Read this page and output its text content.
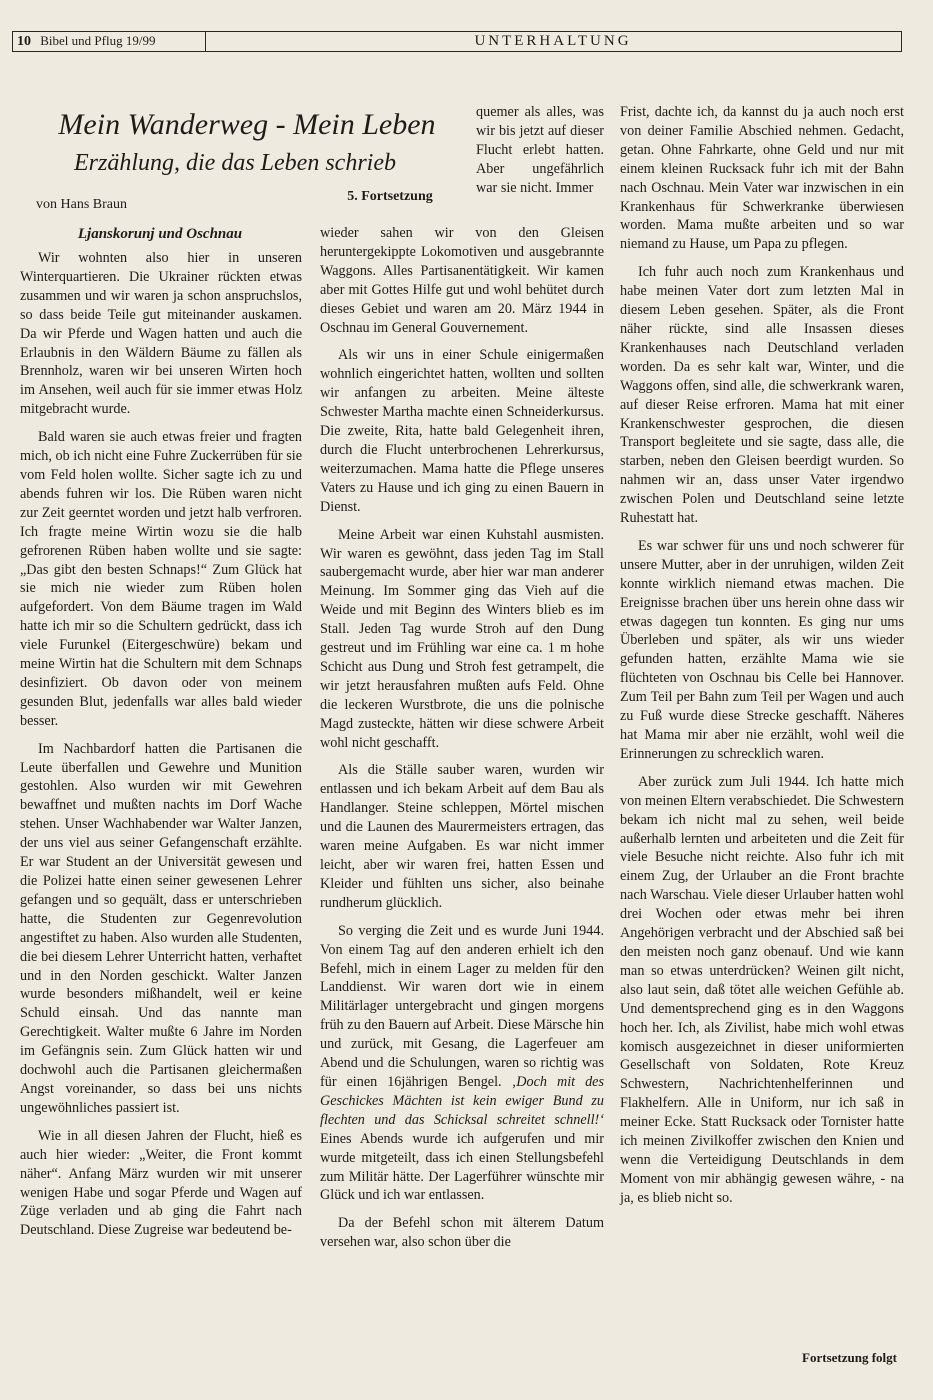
10 Bibel und Pflug 19/99	UNTERHALTUNG
Mein Wanderweg - Mein Leben
Erzählung, die das Leben schrieb
von Hans Braun
5. Fortsetzung
Ljanskorunj und Oschnau

Wir wohnten also hier in unseren Winterquartieren. Die Ukrainer rückten etwas zusammen und wir waren ja schon anspruchslos, so dass beide Teile gut miteinander auskamen. Da wir Pferde und Wagen hatten und auch die Erlaubnis in den Wäldern Bäume zu fällen als Brennholz, waren wir bei unseren Wirten hoch im Ansehen, weil auch für sie immer etwas Holz mitgebracht wurde.

Bald waren sie auch etwas freier und fragten mich, ob ich nicht eine Fuhre Zuckerrüben für sie vom Feld holen wollte. Sicher sagte ich zu und abends fuhren wir los. Die Rüben waren nicht zur Zeit geerntet worden und jetzt halb verfroren. Ich fragte meine Wirtin wozu sie die halb gefrorenen Rüben haben wollte und sie sagte: „Das gibt den besten Schnaps!“ Zum Glück hat sie mich nie wieder zum Rüben holen aufgefordert. Von dem Bäume tragen im Wald hatte ich mir so die Schultern gedrückt, dass ich viele Furunkel (Eitergeschwüre) bekam und meine Wirtin hat die Schultern mit dem Schnaps desinfiziert. Ob davon oder von meinem gesunden Blut, jedenfalls war alles bald wieder besser.

Im Nachbardorf hatten die Partisanen die Leute überfallen und Gewehre und Munition gestohlen. Also wurden wir mit Gewehren bewaffnet und mußten nachts im Dorf Wache stehen. Unser Wachhabender war Walter Janzen, der uns viel aus seiner Gefangenschaft erzählte. Er war Student an der Universität gewesen und die Polizei hatte einen seiner gewesenen Lehrer gefangen und so gequält, dass er unterschrieben hatte, die Studenten zur Gegenrevolution angestiftet zu haben. Also wurden alle Studenten, die bei diesem Lehrer Unterricht hatten, verhaftet und in den Norden geschickt. Walter Janzen wurde besonders mißhandelt, weil er keine Schuld einsah. Und das nannte man Gerechtigkeit. Walter mußte 6 Jahre im Norden im Gefängnis sein. Zum Glück hatten wir und dochwohl auch die Partisanen gleichermaßen Angst voreinander, so dass bei uns nichts ungewöhnliches passiert ist.

Wie in all diesen Jahren der Flucht, hieß es auch hier wieder: „Weiter, die Front kommt näher“. Anfang März wurden wir mit unserer wenigen Habe und sogar Pferde und Wagen auf Züge verladen und ab ging die Fahrt nach Deutschland. Diese Zugreise war bedeutend be-

quemer als alles, was wir bis jetzt auf dieser Flucht erlebt hatten. Aber ungefährlich war sie nicht. Immer

wieder sahen wir von den Gleisen heruntergekippte Lokomotiven und ausgebrannte Waggons. Alles Partisanentätigkeit. Wir kamen aber mit Gottes Hilfe gut und wohl behütet durch dieses Gebiet und waren am 20. März 1944 in Oschnau im General Gouvernement.

Als wir uns in einer Schule einigermaßen wohnlich eingerichtet hatten, wollten und sollten wir anfangen zu arbeiten. Meine älteste Schwester Martha machte einen Schneiderkursus. Die zweite, Rita, hatte bald Gelegenheit ihren, durch die Flucht unterbrochenen Lehrerkursus, weiterzumachen. Mama hatte die Pflege unseres Vaters zu Hause und ich ging zu einen Bauern in Dienst.

Meine Arbeit war einen Kuhstahl ausmisten. Wir waren es gewöhnt, dass jeden Tag im Stall saubergemacht wurde, aber hier war man anderer Meinung. Im Sommer ging das Vieh auf die Weide und mit Beginn des Winters blieb es im Stall. Jeden Tag wurde Stroh auf den Dung gestreut und im Frühling war eine ca. 1 m hohe Schicht aus Dung und Stroh fest getrampelt, die wir jetzt herausfahren mußten aufs Feld. Ohne die leckeren Wurstbrote, die uns die polnische Magd zusteckte, hätten wir diese schwere Arbeit wohl nicht geschafft.

Als die Ställe sauber waren, wurden wir entlassen und ich bekam Arbeit auf dem Bau als Handlanger. Steine schleppen, Mörtel mischen und die Launen des Maurermeisters ertragen, das waren meine Aufgaben. Es war nicht immer leicht, aber wir waren frei, hatten Essen und Kleider und fühlten uns sicher, also beinahe rundherum glücklich.

So verging die Zeit und es wurde Juni 1944. Von einem Tag auf den anderen erhielt ich den Befehl, mich in einem Lager zu melden für den Landdienst. Wir waren dort wie in einem Militärlager untergebracht und gingen morgens früh zu den Bauern auf Arbeit. Diese Märsche hin und zurück, mit Gesang, die Lagerfeuer am Abend und die Schulungen, waren so richtig was für einen 16jährigen Bengel. ‚Doch mit des Geschickes Mächten ist kein ewiger Bund zu flechten und das Schicksal schreitet schnell!‘ Eines Abends wurde ich aufgerufen und mir wurde mitgeteilt, dass ich einen Stellungsbefehl zum Militär hätte. Der Lagerführer wünschte mir Glück und ich war entlassen.

Da der Befehl schon mit älterem Datum versehen war, also schon über die

Frist, dachte ich, da kannst du ja auch noch erst von deiner Familie Abschied nehmen. Gedacht, getan. Ohne Fahrkarte, ohne Geld und nur mit einem kleinen Rucksack fuhr ich mit der Bahn nach Oschnau. Mein Vater war inzwischen in ein Krankenhaus für Schwerkranke überwiesen worden. Mama mußte arbeiten und so war niemand zu Hause, um Papa zu pflegen.

Ich fuhr auch noch zum Krankenhaus und habe meinen Vater dort zum letzten Mal in diesem Leben gesehen. Später, als die Front näher rückte, sind alle Insassen dieses Krankenhauses nach Deutschland verladen worden. Da es sehr kalt war, Winter, und die Waggons offen, sind alle, die schwerkrank waren, auf dieser Reise erfroren. Mama hat mit einer Krankenschwester gesprochen, die diesen Transport begleitete und sie sagte, dass alle, die starben, neben den Gleisen beerdigt wurden. So nahmen wir an, dass unser Vater irgendwo zwischen Polen und Deutschland seine letzte Ruhestatt hat.

Es war schwer für uns und noch schwerer für unsere Mutter, aber in der unruhigen, wilden Zeit konnte wirklich niemand etwas machen. Die Ereignisse brachen über uns herein ohne dass wir etwas dagegen tun konnten. Es ging nur ums Überleben und später, als wir uns wieder gefunden hatten, erzählte Mama wie sie flüchteten von Oschnau bis Celle bei Hannover. Zum Teil per Bahn zum Teil per Wagen und auch zu Fuß wurde diese Strecke geschafft. Näheres hat Mama mir aber nie erzählt, wohl weil die Erinnerungen zu schrecklich waren.

Aber zurück zum Juli 1944. Ich hatte mich von meinen Eltern verabschiedet. Die Schwestern bekam ich nicht mal zu sehen, weil beide außerhalb lernten und arbeiteten und die Zeit für viele Besuche nicht reichte. Also fuhr ich mit einem Zug, der Urlauber an die Front brachte nach Warschau. Viele dieser Urlauber hatten wohl drei Wochen oder etwas mehr bei ihren Angehörigen verbracht und der Abschied saß bei den meisten noch ganz obenauf. Und wie kann man so etwas unterdrücken? Weinen gilt nicht, also laut sein, daß tötet alle weichen Gefühle ab. Und dementsprechend ging es in den Waggons hoch her. Ich, als Zivilist, habe mich wohl etwas komisch ausgezeichnet in dieser uniformierten Gesellschaft von Soldaten, Rote Kreuz Schwestern, Nachrichtenhelferinnen und Flakhelfern. Alle in Uniform, nur ich saß in meiner Ecke. Statt Rucksack oder Tornister hatte ich meinen Zivilkoffer zwischen den Knien und wenn die Verteidigung Deutschlands in dem Moment von mir abhängig gewesen währe, - na ja, es blieb nicht so.

Fortsetzung folgt
